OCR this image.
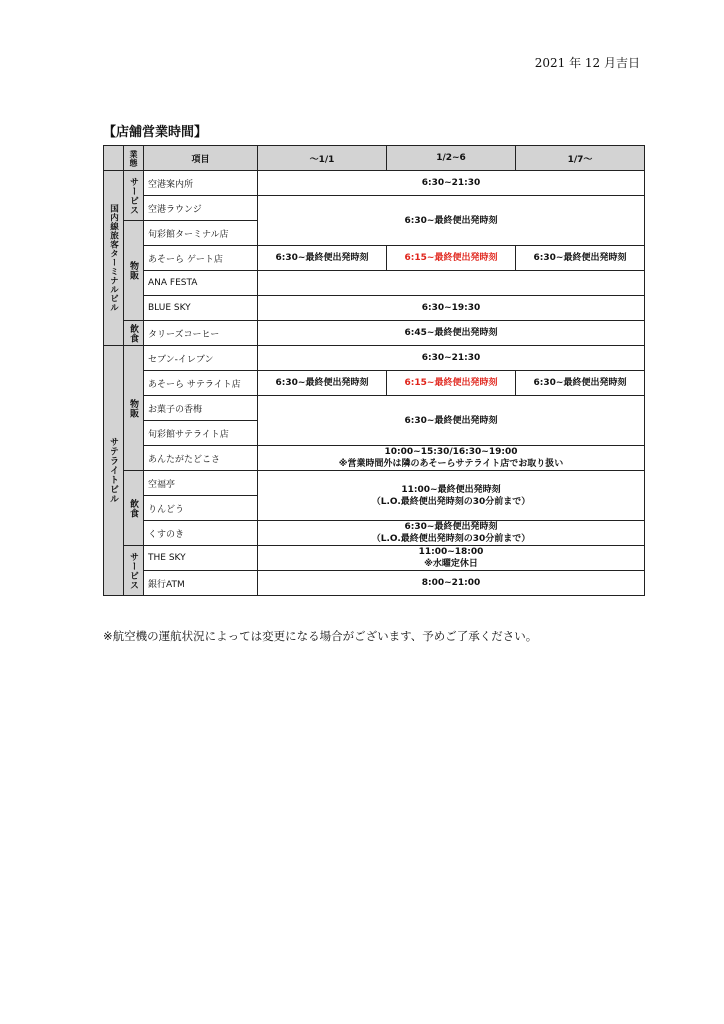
2021 年 12 月吉日
【店舗営業時間】
	業態	項目	～1/1	1/2~6	1/7～
国内線旅客ターミナルビル	サービス	空港案内所	6:30~21:30		
		空港ラウンジ	6:30~最終便出発時刻		
	物販	旬彩館ターミナル店			
		あそーら ゲート店	6:30~最終便出発時刻	6:15~最終便出発時刻	6:30~最終便出発時刻
		ANA FESTA			
		BLUE SKY	6:30~19:30		
	飲食	タリーズコーヒー	6:45~最終便出発時刻		
サテライトビル	物販	セブン-イレブン	6:30~21:30		
		あそーら サテライト店	6:30~最終便出発時刻	6:15~最終便出発時刻	6:30~最終便出発時刻
		お菓子の香梅	6:30~最終便出発時刻		
		旬彩館サテライト店			
		あんたがたどこさ	10:00~15:30/16:30~19:00
※営業時間外は隣のあそーらサテライト店でお取り扱い		

	飲食	空福亭	11:00~最終便出発時刻
（L.O.最終便出発時刻の30分前まで）		

		りんどう			
		くすのき	6:30~最終便出発時刻
（L.O.最終便出発時刻の30分前まで）		

	サービス	THE SKY	11:00~18:00
※水曜定休日		

		銀行ATM	8:00~21:00		
※航空機の運航状況によっては変更になる場合がございます、予めご了承ください。
